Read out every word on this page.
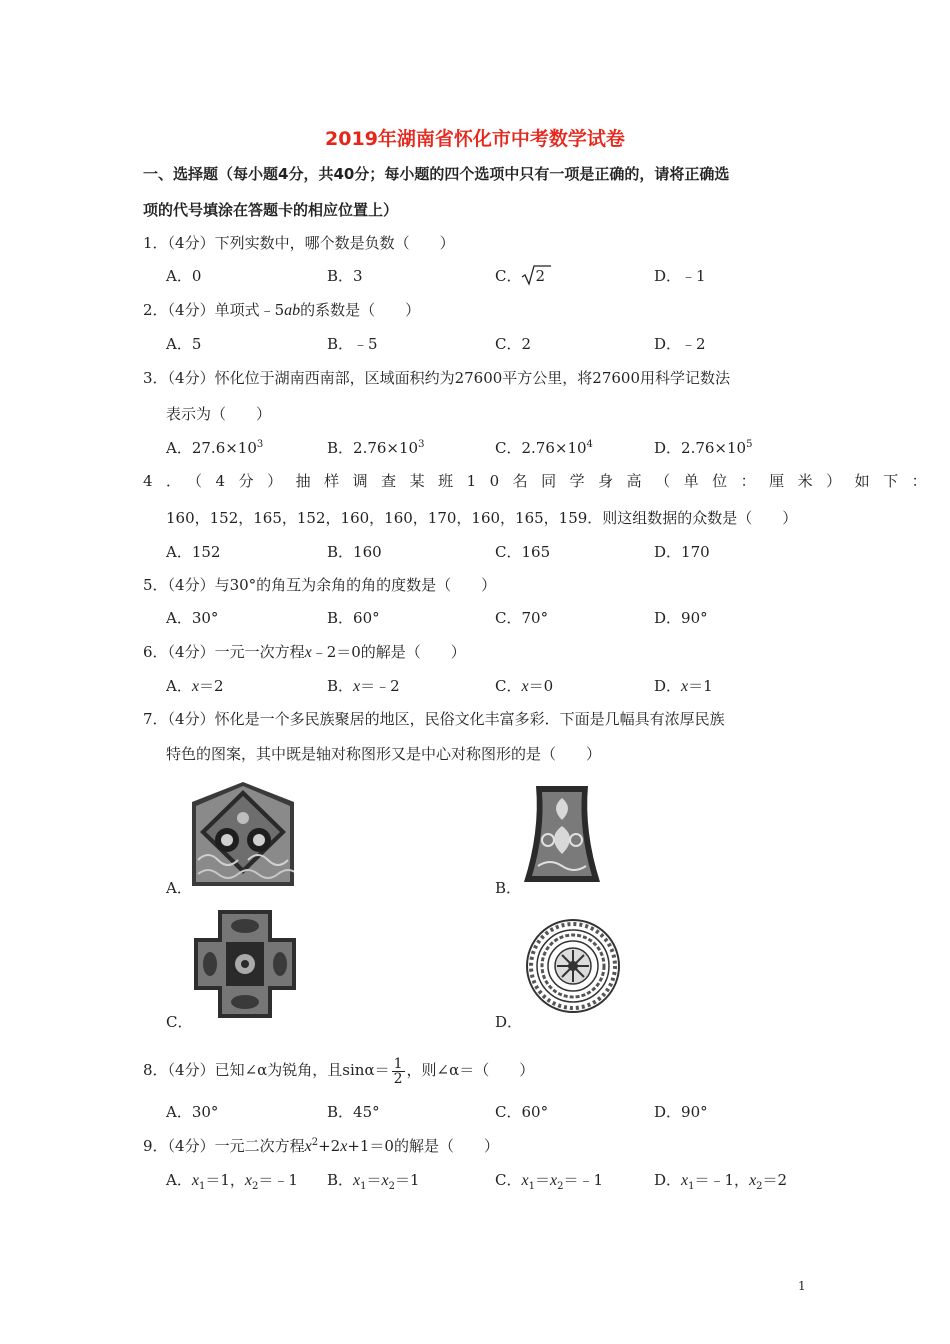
2019年湖南省怀化市中考数学试卷
一、选择题（每小题4分，共40分；每小题的四个选项中只有一项是正确的，请将正确选
项的代号填涂在答题卡的相应位置上）
1．（4分）下列实数中，哪个数是负数（　　）
A．0	B．3	C． 2	D．﹣1
2．（4分）单项式﹣5ab的系数是（　　）
A．5	B．﹣5	C．2	D．﹣2
3．（4分）怀化位于湖南西南部，区域面积约为27600平方公里，将27600用科学记数法
表示为（　　）
A．$27.6\times 10^3$	B．$2.76\times 10^3$	C．$2.76\times 10^4$	D．$2.76\times 10^5$
4．（4分）抽样调查某班10名同学身高（单位：厘米）如下：
160，152，165，152，160，160，170，160，165，159．则这组数据的众数是（　　）
A．152	B．160	C．165	D．170
5．（4分）与30°的角互为余角的角的度数是（　　）
A．30°	B．60°	C．70°	D．90°
6．（4分）一元一次方程x﹣2＝0的解是（　　）
A．x＝2	B．x＝﹣2	C．x＝0	D．x＝1
7．（4分）怀化是一个多民族聚居的地区，民俗文化丰富多彩．下面是几幅具有浓厚民族
特色的图案，其中既是轴对称图形又是中心对称图形的是（　　）
A．	B．
C．	D．
8．（4分）已知∠α为锐角，且$\sin\alpha= \frac{1}{2}$ ，则∠α＝（　　）
A．30°	B．45°	C．60°	D．90°
9．（4分）一元二次方程$x^2+2x+1=0$的解是（　　）
A．$x_1=1$，$x_2=﹣1$ B．$x_1=x_2=1$	C．$x_1=x_2=﹣1$	D．$x_1=﹣1$，$x_2=2$
1
